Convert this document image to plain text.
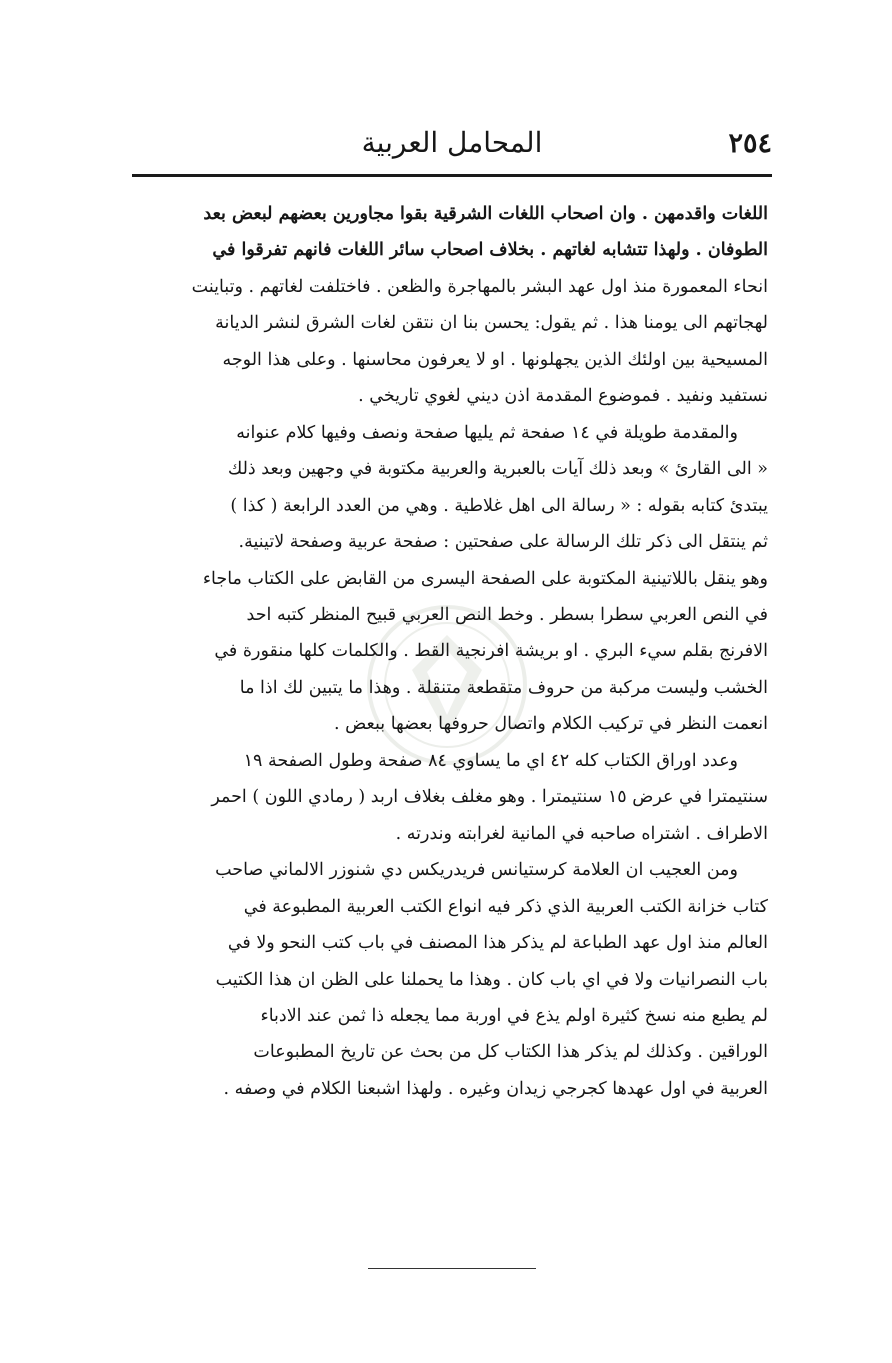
٢٥٤
المحامل العربية
اللغات واقدمهن . وان اصحاب اللغات الشرقية بقوا مجاورين بعضهم لبعض بعد
الطوفان . ولهذا تتشابه لغاتهم . بخلاف اصحاب سائر اللغات فانهم تفرقوا في
انحاء المعمورة منذ اول عهد البشر بالمهاجرة والظعن . فاختلفت لغاتهم . وتباينت
لهجاتهم الى يومنا هذا . ثم يقول: يحسن بنا ان نتقن لغات الشرق لنشر الديانة
المسيحية بين اولئك الذين يجهلونها . او لا يعرفون محاسنها . وعلى هذا الوجه
نستفيد ونفيد . فموضوع المقدمة اذن ديني لغوي تاريخي .
والمقدمة طويلة في ١٤ صفحة ثم يليها صفحة ونصف وفيها كلام عنوانه
« الى القارئ » وبعد ذلك آيات بالعبرية والعربية مكتوبة في وجهين وبعد ذلك
يبتدئ كتابه بقوله : « رسالة الى اهل غلاطية . وهي من العدد الرابعة ( كذا )
ثم ينتقل الى ذكر تلك الرسالة على صفحتين : صفحة عربية وصفحة لاتينية.
وهو ينقل باللاتينية المكتوبة على الصفحة اليسرى من القابض على الكتاب ماجاء
في النص العربي سطرا بسطر . وخط النص العربي قبيح المنظر كتبه احد
الافرنج بقلم سيء البري . او بريشة افرنجية القط . والكلمات كلها منقورة في
الخشب وليست مركبة من حروف متقطعة متنقلة . وهذا ما يتبين لك اذا ما
انعمت النظر في تركيب الكلام واتصال حروفها بعضها ببعض .
وعدد اوراق الكتاب كله ٤٢ اي ما يساوي ٨٤ صفحة وطول الصفحة ١٩
سنتيمترا في عرض ١٥ سنتيمترا . وهو مغلف بغلاف اربد ( رمادي اللون ) احمر
الاطراف . اشتراه صاحبه في المانية لغرابته وندرته .
ومن العجيب ان العلامة كرستيانس فريدريكس دي شنوزر الالماني صاحب
كتاب خزانة الكتب العربية الذي ذكر فيه انواع الكتب العربية المطبوعة في
العالم منذ اول عهد الطباعة لم يذكر هذا المصنف في باب كتب النحو ولا في
باب النصرانيات ولا في اي باب كان . وهذا ما يحملنا على الظن ان هذا الكتيب
لم يطبع منه نسخ كثيرة اولم يذع في اوربة مما يجعله ذا ثمن عند الادباء
الوراقين . وكذلك لم يذكر هذا الكتاب كل من بحث عن تاريخ المطبوعات
العربية في اول عهدها كجرجي زيدان وغيره . ولهذا اشبعنا الكلام في وصفه .
